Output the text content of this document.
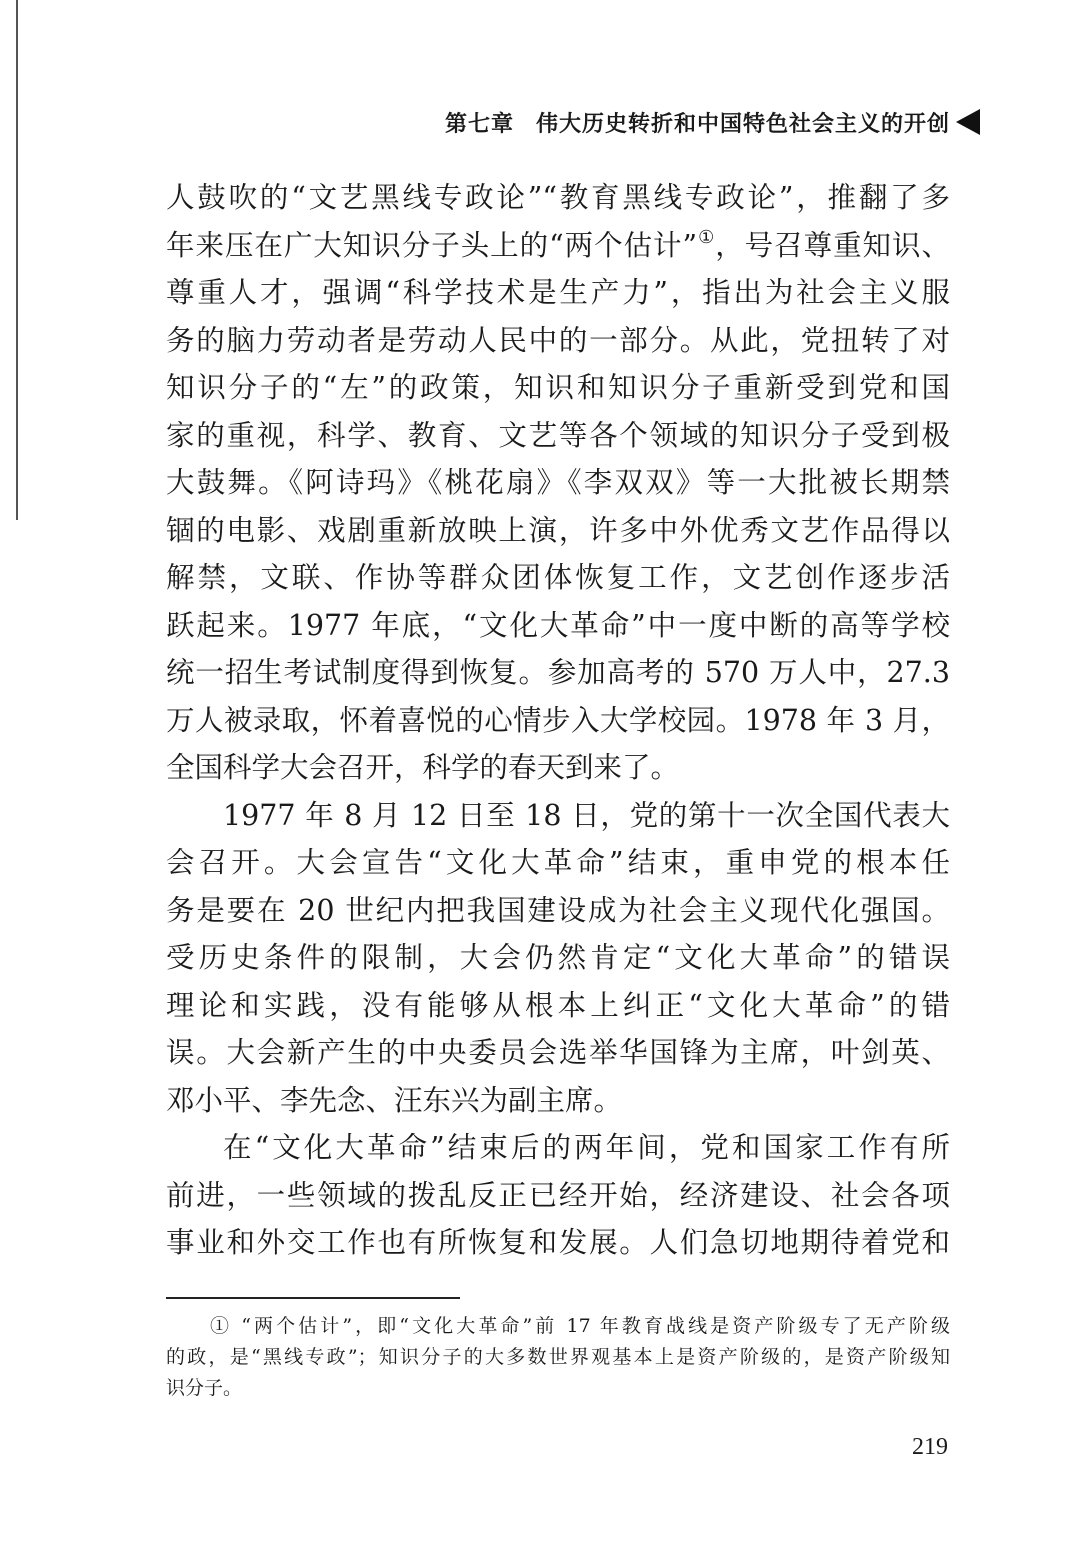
第七章 伟大历史转折和中国特色社会主义的开创
人鼓吹的“文艺黑线专政论”“教育黑线专政论”，推翻了多
年来压在广大知识分子头上的“两个估计”①，号召尊重知识、
尊重人才，强调“科学技术是生产力”，指出为社会主义服
务的脑力劳动者是劳动人民中的一部分。从此，党扭转了对
知识分子的“左”的政策，知识和知识分子重新受到党和国
家的重视，科学、教育、文艺等各个领域的知识分子受到极
大鼓舞。《阿诗玛》《桃花扇》《李双双》等一大批被长期禁
锢的电影、戏剧重新放映上演，许多中外优秀文艺作品得以
解禁，文联、作协等群众团体恢复工作，文艺创作逐步活
跃起来。1977 年底，“文化大革命”中一度中断的高等学校
统一招生考试制度得到恢复。参加高考的 570 万人中，27.3
万人被录取，怀着喜悦的心情步入大学校园。1978 年 3 月，
全国科学大会召开，科学的春天到来了。
1977 年 8 月 12 日至 18 日，党的第十一次全国代表大
会召开。大会宣告“文化大革命”结束，重申党的根本任
务是要在 20 世纪内把我国建设成为社会主义现代化强国。
受历史条件的限制，大会仍然肯定“文化大革命”的错误
理论和实践，没有能够从根本上纠正“文化大革命”的错
误。大会新产生的中央委员会选举华国锋为主席，叶剑英、
邓小平、李先念、汪东兴为副主席。
在“文化大革命”结束后的两年间，党和国家工作有所
前进，一些领域的拨乱反正已经开始，经济建设、社会各项
事业和外交工作也有所恢复和发展。人们急切地期待着党和
① “两个估计”，即“文化大革命”前 17 年教育战线是资产阶级专了无产阶级
的政，是“黑线专政”；知识分子的大多数世界观基本上是资产阶级的，是资产阶级知
识分子。
219
